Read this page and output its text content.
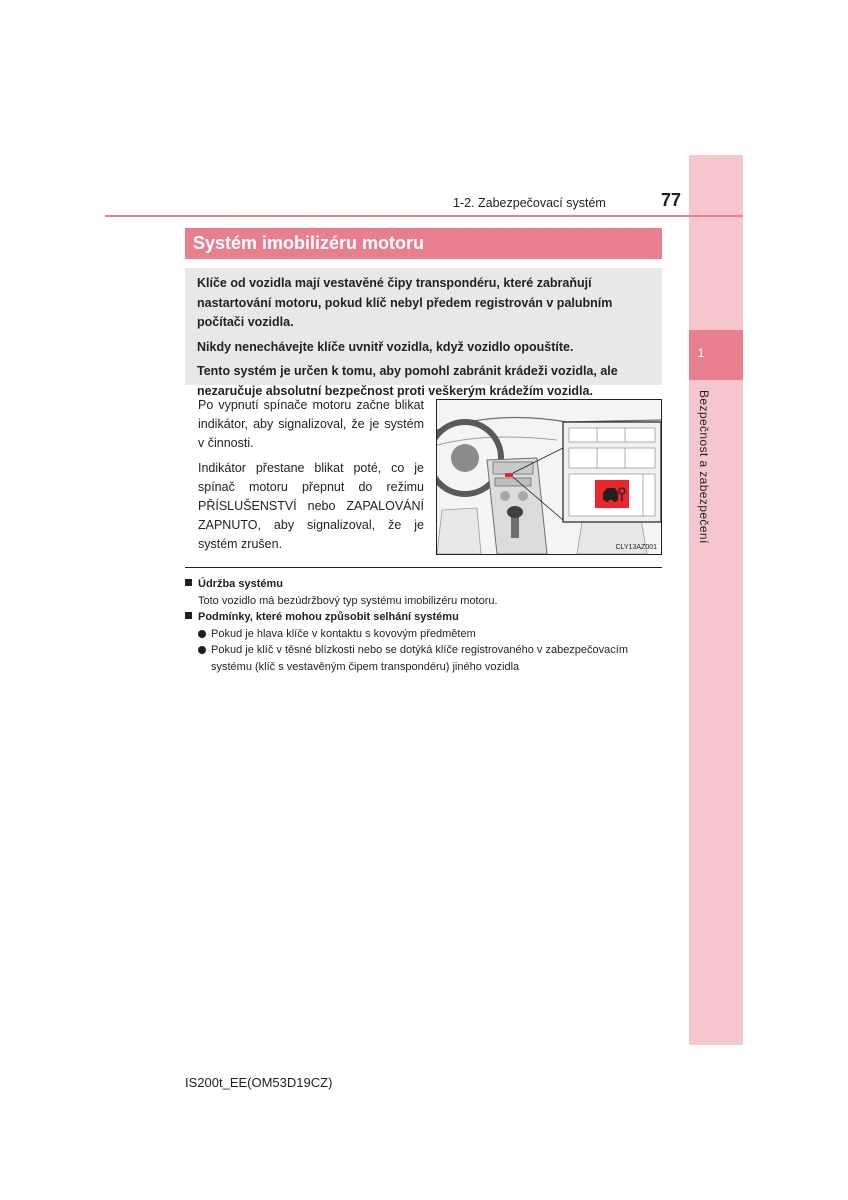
1
Bezpečnost a zabezpečení
1-2. Zabezpečovací systém	77
Systém imobilizéru motoru

Klíče od vozidla mají vestavěné čipy transpondéru, které zabraňují nastartování motoru, pokud klíč nebyl předem registrován v palubním počítači vozidla.

Nikdy nenechávejte klíče uvnitř vozidla, když vozidlo opouštíte.

Tento systém je určen k tomu, aby pomohl zabránit krádeži vozidla, ale nezaručuje absolutní bezpečnost proti veškerým krádežím vozidla.

Po vypnutí spínače motoru začne blikat indikátor, aby signalizoval, že je systém v činnosti.

Indikátor přestane blikat poté, co je spínač motoru přepnut do režimu PŘÍSLUŠENSTVÍ nebo ZAPALOVÁNÍ ZAPNUTO, aby signalizoval, že je systém zrušen.	CLY13AZ001
Údržba systému
Toto vozidlo má bezúdržbový typ systému imobilizéru motoru.
Podmínky, které mohou způsobit selhání systému
Pokud je hlava klíče v kontaktu s kovovým předmětem
Pokud je klíč v těsné blízkosti nebo se dotýká klíče registrovaného v zabezpečovacím systému (klíč s vestavěným čipem transpondéru) jiného vozidla
IS200t_EE(OM53D19CZ)
